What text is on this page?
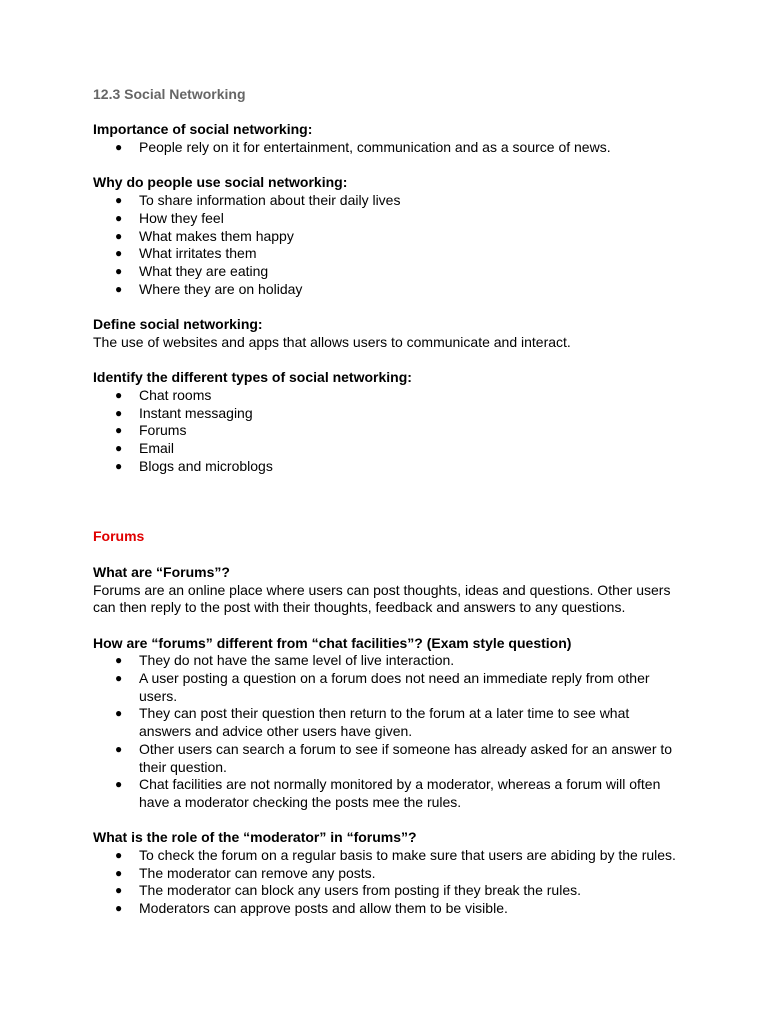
12.3 Social Networking

Importance of social networking:

● People rely on it for entertainment, communication and as a source of news.

Why do people use social networking:

● To share information about their daily lives
● How they feel
● What makes them happy
● What irritates them
● What they are eating
● Where they are on holiday

Define social networking:

The use of websites and apps that allows users to communicate and interact.

Identify the different types of social networking:

● Chat rooms
● Instant messaging
● Forums
● Email
● Blogs and microblogs

Forums

What are “Forums”?

Forums are an online place where users can post thoughts, ideas and questions. Other users can then reply to the post with their thoughts, feedback and answers to any questions.

How are “forums” different from “chat facilities”? (Exam style question)

● They do not have the same level of live interaction.
● A user posting a question on a forum does not need an immediate reply from other users.
● They can post their question then return to the forum at a later time to see what answers and advice other users have given.
● Other users can search a forum to see if someone has already asked for an answer to their question.
● Chat facilities are not normally monitored by a moderator, whereas a forum will often have a moderator checking the posts mee the rules.

What is the role of the “moderator” in “forums”?

● To check the forum on a regular basis to make sure that users are abiding by the rules.
● The moderator can remove any posts.
● The moderator can block any users from posting if they break the rules.
● Moderators can approve posts and allow them to be visible.
